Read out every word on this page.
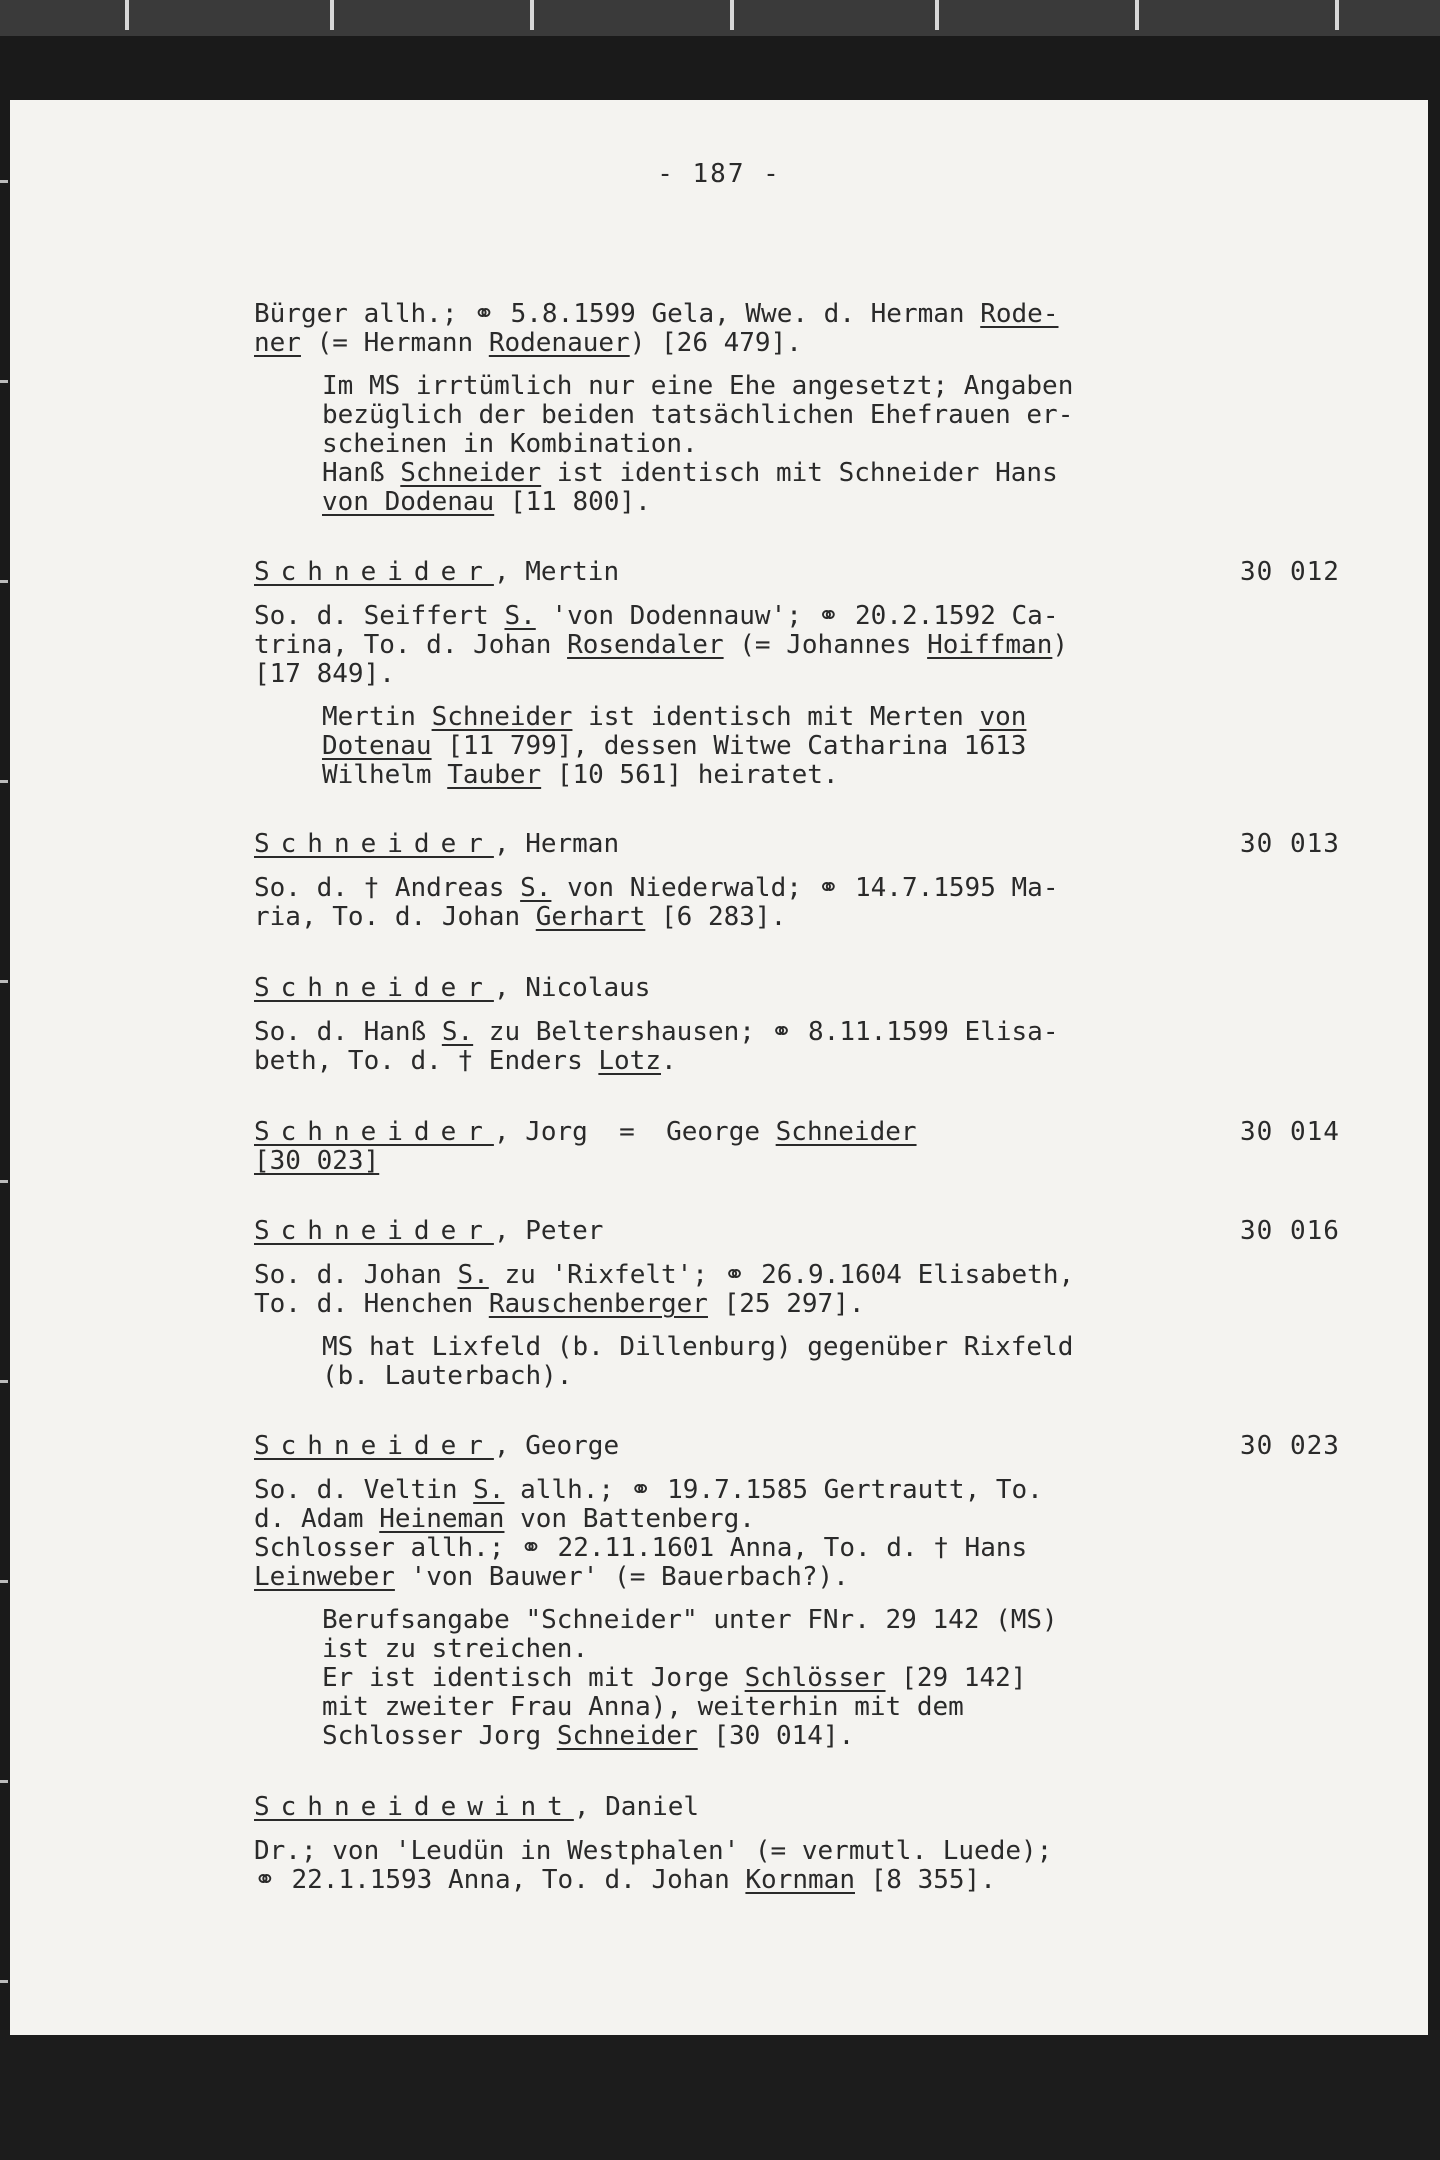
- 187 -
Bürger allh.; ⚭ 5.8.1599 Gela, Wwe. d. Herman Rode-
ner (= Hermann Rodenauer) [26 479].
Im MS irrtümlich nur eine Ehe angesetzt; Angaben
bezüglich der beiden tatsächlichen Ehefrauen er-
scheinen in Kombination.
Hanß Schneider ist identisch mit Schneider Hans
von Dodenau [11 800].
Schneider, Mertin	30 012
So. d. Seiffert S. 'von Dodennauw'; ⚭ 20.2.1592 Ca-
trina, To. d. Johan Rosendaler (= Johannes Hoiffman)
[17 849].
Mertin Schneider ist identisch mit Merten von
Dotenau [11 799], dessen Witwe Catharina 1613
Wilhelm Tauber [10 561] heiratet.
Schneider, Herman	30 013
So. d. † Andreas S. von Niederwald; ⚭ 14.7.1595 Ma-
ria, To. d. Johan Gerhart [6 283].
Schneider, Nicolaus
So. d. Hanß S. zu Beltershausen; ⚭ 8.11.1599 Elisa-
beth, To. d. † Enders Lotz.
Schneider, Jorg  =  George Schneider	30 014
[30 023]
Schneider, Peter	30 016
So. d. Johan S. zu 'Rixfelt'; ⚭ 26.9.1604 Elisabeth,
To. d. Henchen Rauschenberger [25 297].
MS hat Lixfeld (b. Dillenburg) gegenüber Rixfeld
(b. Lauterbach).
Schneider, George	30 023
So. d. Veltin S. allh.; ⚭ 19.7.1585 Gertrautt, To.
d. Adam Heineman von Battenberg.
Schlosser allh.; ⚭ 22.11.1601 Anna, To. d. † Hans
Leinweber 'von Bauwer' (= Bauerbach?).
Berufsangabe "Schneider" unter FNr. 29 142 (MS)
ist zu streichen.
Er ist identisch mit Jorge Schlösser [29 142]
mit zweiter Frau Anna), weiterhin mit dem
Schlosser Jorg Schneider [30 014].
Schneidewint, Daniel
Dr.; von 'Leudün in Westphalen' (= vermutl. Luede);
⚭ 22.1.1593 Anna, To. d. Johan Kornman [8 355].
